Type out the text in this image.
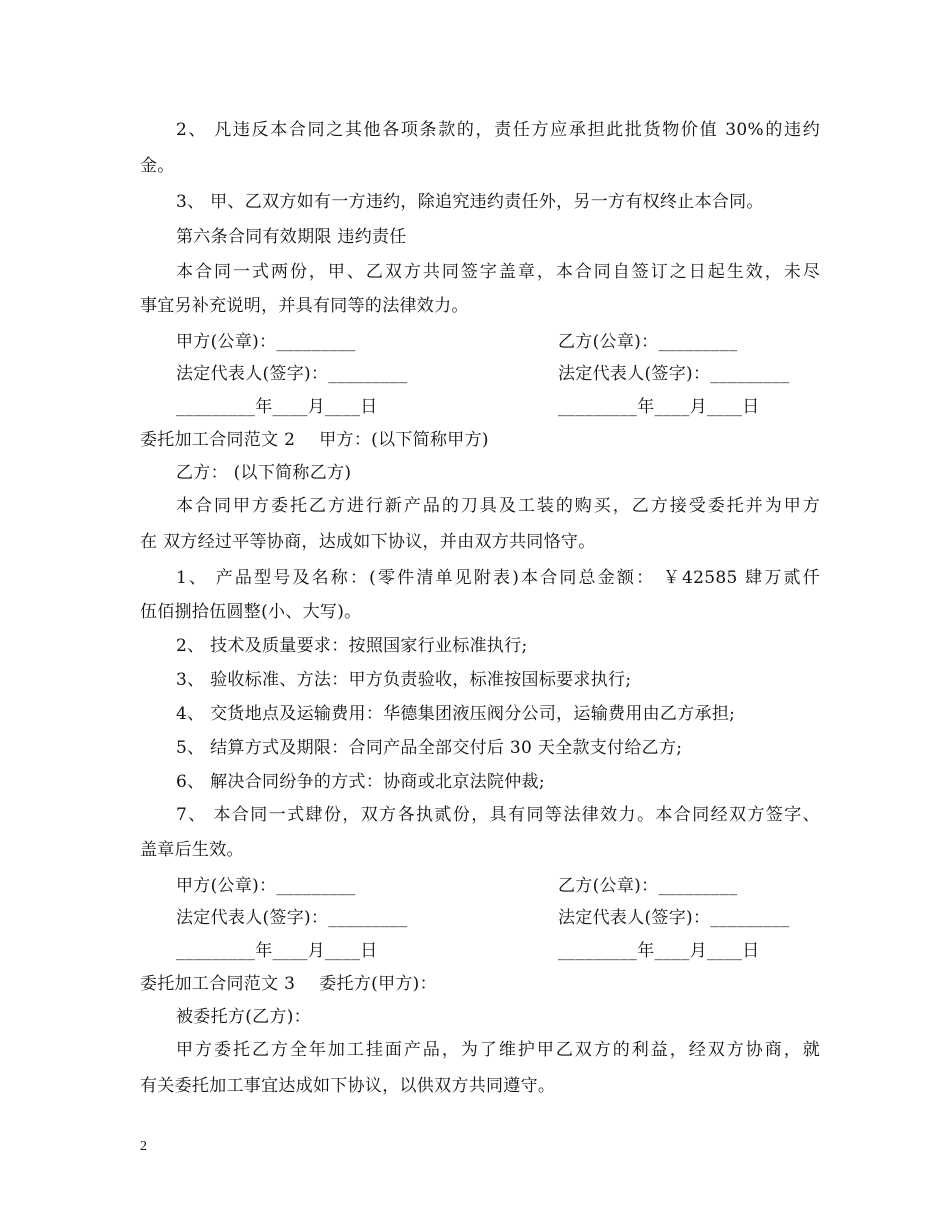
2、 凡违反本合同之其他各项条款的，责任方应承担此批货物价值 30%的违约
金。
3、 甲、乙双方如有一方违约，除追究违约责任外，另一方有权终止本合同。
第六条合同有效期限 违约责任
本合同一式两份，甲、乙双方共同签字盖章，本合同自签订之日起生效，未尽
事宜另补充说明，并具有同等的法律效力。
甲方(公章)：_________	乙方(公章)：_________
法定代表人(签字)：_________	法定代表人(签字)：_________
_________年____月____日	_________年____月____日
委托加工合同范文 2 甲方：(以下简称甲方)
乙方： (以下简称乙方)
本合同甲方委托乙方进行新产品的刀具及工装的购买，乙方接受委托并为甲方
在 双方经过平等协商，达成如下协议，并由双方共同恪守。
1、 产品型号及名称：(零件清单见附表)本合同总金额： ￥42585 肆万贰仟
伍佰捌拾伍圆整(小、大写)。
2、 技术及质量要求：按照国家行业标准执行;
3、 验收标准、方法：甲方负责验收，标准按国标要求执行;
4、 交货地点及运输费用：华德集团液压阀分公司，运输费用由乙方承担;
5、 结算方式及期限：合同产品全部交付后 30 天全款支付给乙方;
6、 解决合同纷争的方式：协商或北京法院仲裁;
7、 本合同一式肆份，双方各执贰份，具有同等法律效力。本合同经双方签字、
盖章后生效。
甲方(公章)：_________	乙方(公章)：_________
法定代表人(签字)：_________	法定代表人(签字)：_________
_________年____月____日	_________年____月____日
委托加工合同范文 3 委托方(甲方)：
被委托方(乙方)：
甲方委托乙方全年加工挂面产品，为了维护甲乙双方的利益，经双方协商，就
有关委托加工事宜达成如下协议，以供双方共同遵守。
2
